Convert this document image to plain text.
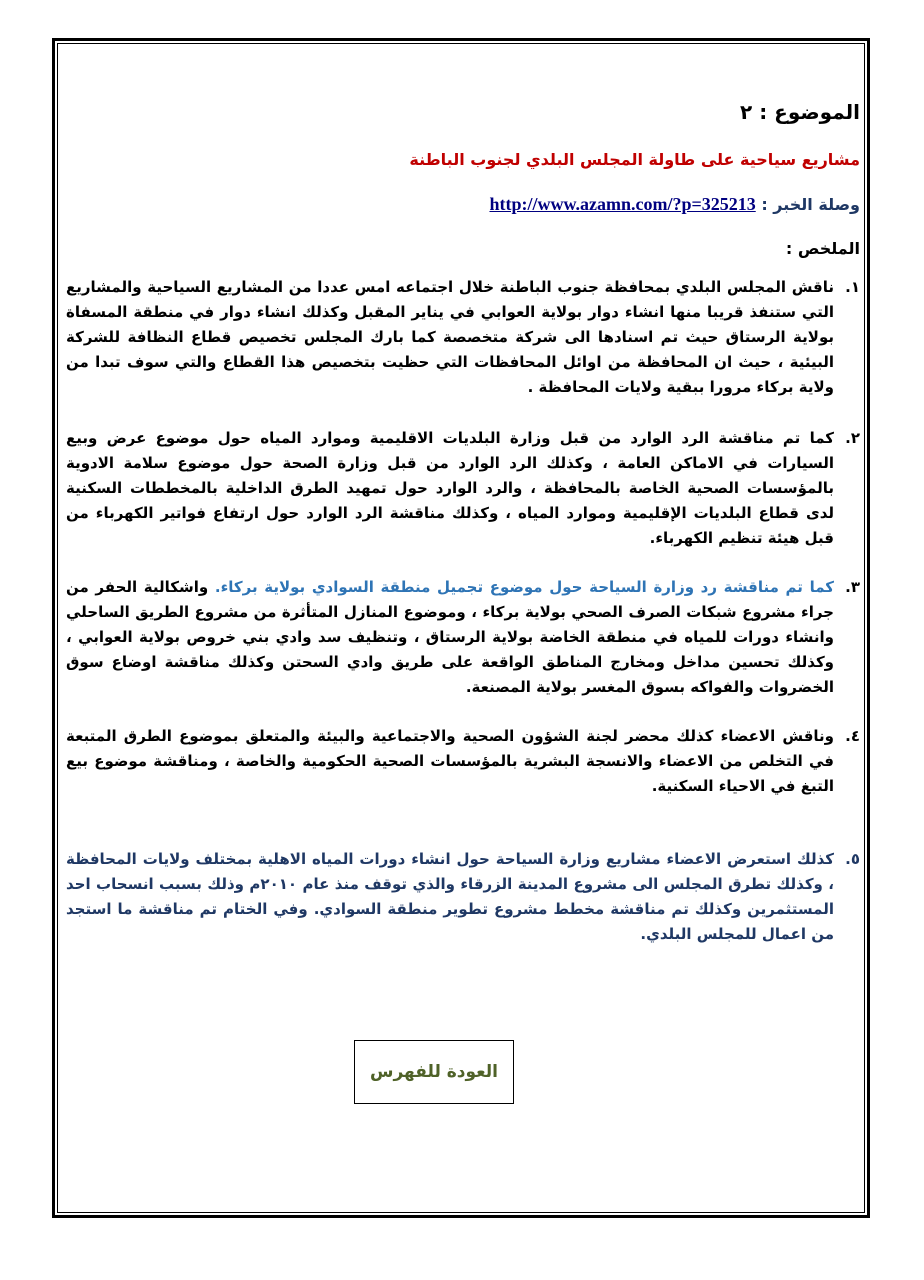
الموضوع : ٢
مشاريع سياحية على طاولة المجلس البلدي لجنوب الباطنة
وصلة الخبر : http://www.azamn.com/?p=325213
الملخص :
١.
ناقش المجلس البلدي بمحافظة جنوب الباطنة خلال اجتماعه امس عددا من المشاريع السياحية والمشاريع التي ستنفذ قريبا منها انشاء دوار بولاية العوابي في يناير المقبل وكذلك انشاء دوار في منطقة المسفاة بولاية الرستاق حيث تم اسنادها الى شركة متخصصة كما بارك المجلس تخصيص قطاع النظافة للشركة البيئية ، حيث ان المحافظة من اوائل المحافظات التي حظيت بتخصيص هذا القطاع والتي سوف تبدا من ولاية بركاء مرورا ببقية ولايات المحافظة .
٢.
كما تم مناقشة الرد الوارد من قبل وزارة البلديات الاقليمية وموارد المياه حول موضوع عرض وبيع السيارات في الاماكن العامة ، وكذلك الرد الوارد من قبل وزارة الصحة حول موضوع سلامة الادوية بالمؤسسات الصحية الخاصة بالمحافظة ، والرد الوارد حول تمهيد الطرق الداخلية بالمخططات السكنية لدى قطاع البلديات الإقليمية وموارد المياه ، وكذلك مناقشة الرد الوارد حول ارتفاع فواتير الكهرباء من قبل هيئة تنظيم الكهرباء.
٣.
كما تم مناقشة رد وزارة السياحة حول موضوع تجميل منطقة السوادي بولاية بركاء. واشكالية الحفر من جراء مشروع شبكات الصرف الصحي بولاية بركاء ، وموضوع المنازل المتأثرة من مشروع الطريق الساحلي وانشاء دورات للمياه في منطقة الخاضة بولاية الرستاق ، وتنظيف سد وادي بني خروص بولاية العوابي ، وكذلك تحسين مداخل ومخارج المناطق الواقعة على طريق وادي السحتن وكذلك مناقشة اوضاع سوق الخضروات والفواكه بسوق المغسر بولاية المصنعة.
٤.
وناقش الاعضاء كذلك محضر لجنة الشؤون الصحية والاجتماعية والبيئة والمتعلق بموضوع الطرق المتبعة في التخلص من الاعضاء والانسجة البشرية بالمؤسسات الصحية الحكومية والخاصة ، ومناقشة موضوع بيع التبغ في الاحياء السكنية.
٥.
كذلك استعرض الاعضاء مشاريع وزارة السياحة حول انشاء دورات المياه الاهلية بمختلف ولايات المحافظة ، وكذلك تطرق المجلس الى مشروع المدينة الزرقاء والذي توقف منذ عام ٢٠١٠م وذلك بسبب انسحاب احد المستثمرين وكذلك تم مناقشة مخطط مشروع تطوير منطقة السوادي. وفي الختام تم مناقشة ما استجد من اعمال للمجلس البلدي.
العودة للفهرس
